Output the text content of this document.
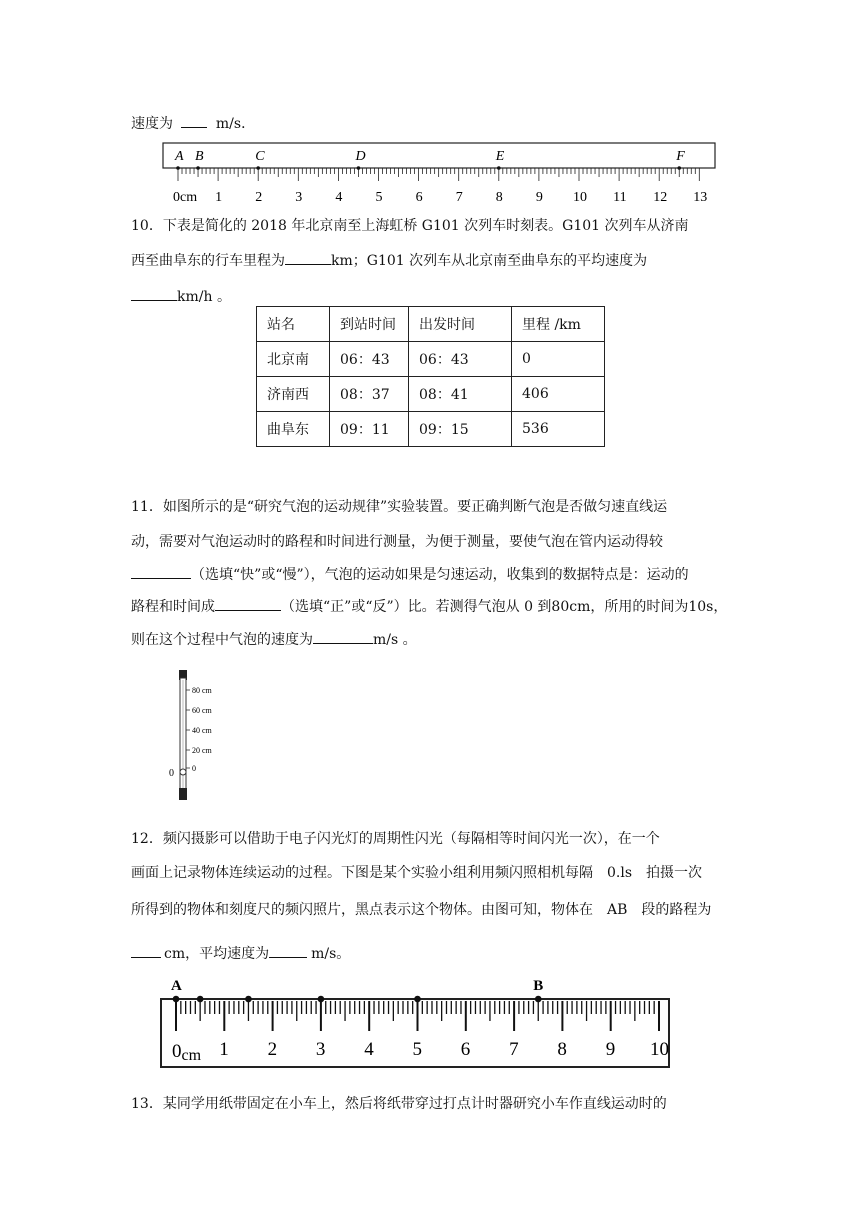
速度为	m/s．
A B	C	D	E	F
0cm 1 2 3 4 5 6 7 8 9 10 11 12 13
10．下表是简化的 2018 年北京南至上海虹桥 G101 次列车时刻表。G101 次列车从济南
西至曲阜东的行车里程为	km；G101 次列车从北京南至曲阜东的平均速度为
km/h 。
站名	到站时间	出发时间	里程 /km
北京南	06：43	06：43	0
济南西	08：37	08：41	406
曲阜东	09：11	09：15	536
11．如图所示的是“研究气泡的运动规律”实验装置。要正确判断气泡是否做匀速直线运
动，需要对气泡运动时的路程和时间进行测量，为便于测量，要使气泡在管内运动得较
（选填“快”或“慢”），气泡的运动如果是匀速运动，收集到的数据特点是：运动的
路程和时间成	（选填“正”或“反”）比。若测得气泡从 0 到80cm，所用的时间为10s，
则在这个过程中气泡的速度为	m/s 。
80 cm
60 cm
40 cm
20 cm
0
0
12．频闪摄影可以借助于电子闪光灯的周期性闪光（每隔相等时间闪光一次），在一个
画面上记录物体连续运动的过程。下图是某个实验小组利用频闪照相机每隔　0.ls　拍摄一次
所得到的物体和刻度尺的频闪照片，黑点表示这个物体。由图可知，物体在　AB　段的路程为
cm，平均速度为	m/s。
A	B
0cm 1 2 3 4 5 6 7 8 9 10
13．某同学用纸带固定在小车上，然后将纸带穿过打点计时器研究小车作直线运动时的
